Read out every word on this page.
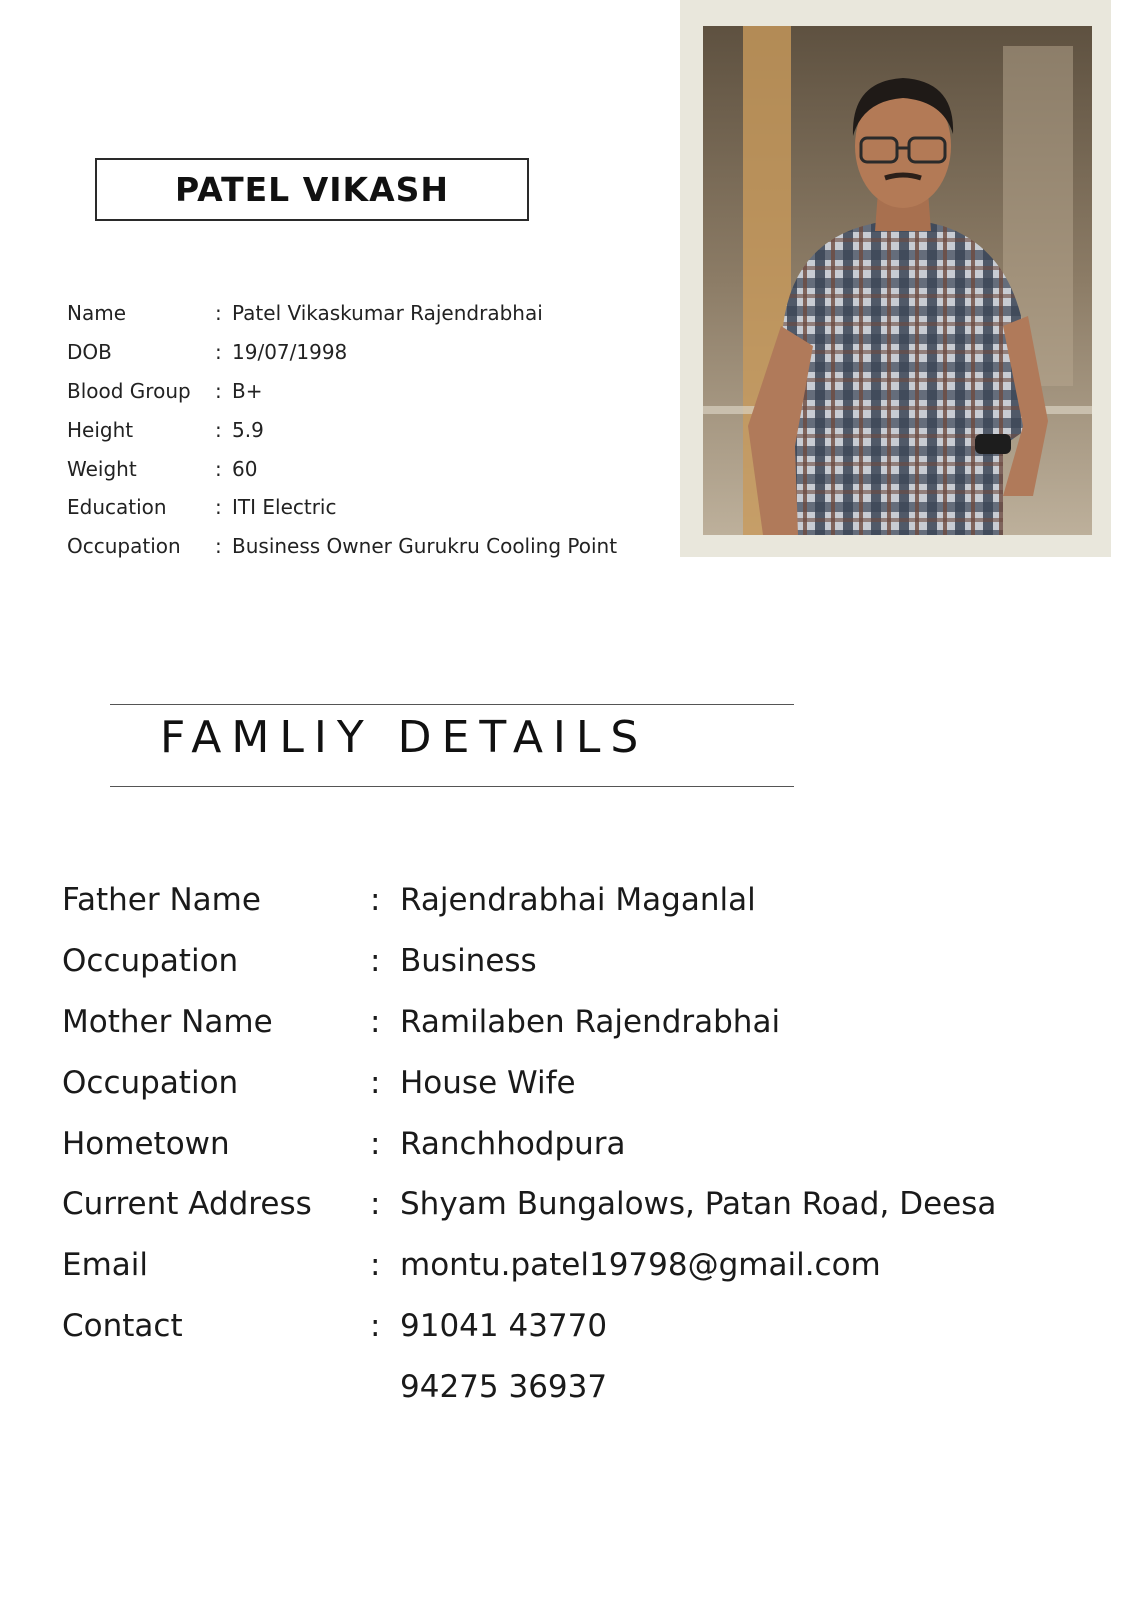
PATEL VIKASH
Name	: Patel Vikaskumar Rajendrabhai
DOB	: 19/07/1998
Blood Group	: B+
Height	: 5.9
Weight	: 60
Education	: ITI Electric
Occupation	: Business Owner Gurukru Cooling Point
FAMLIY DETAILS
Father Name	: Rajendrabhai Maganlal
Occupation	: Business
Mother Name	: Ramilaben Rajendrabhai
Occupation	: House Wife
Hometown	: Ranchhodpura
Current Address	: Shyam Bungalows, Patan Road, Deesa
Email	: montu.patel19798@gmail.com
Contact	: 91041 43770
94275 36937
